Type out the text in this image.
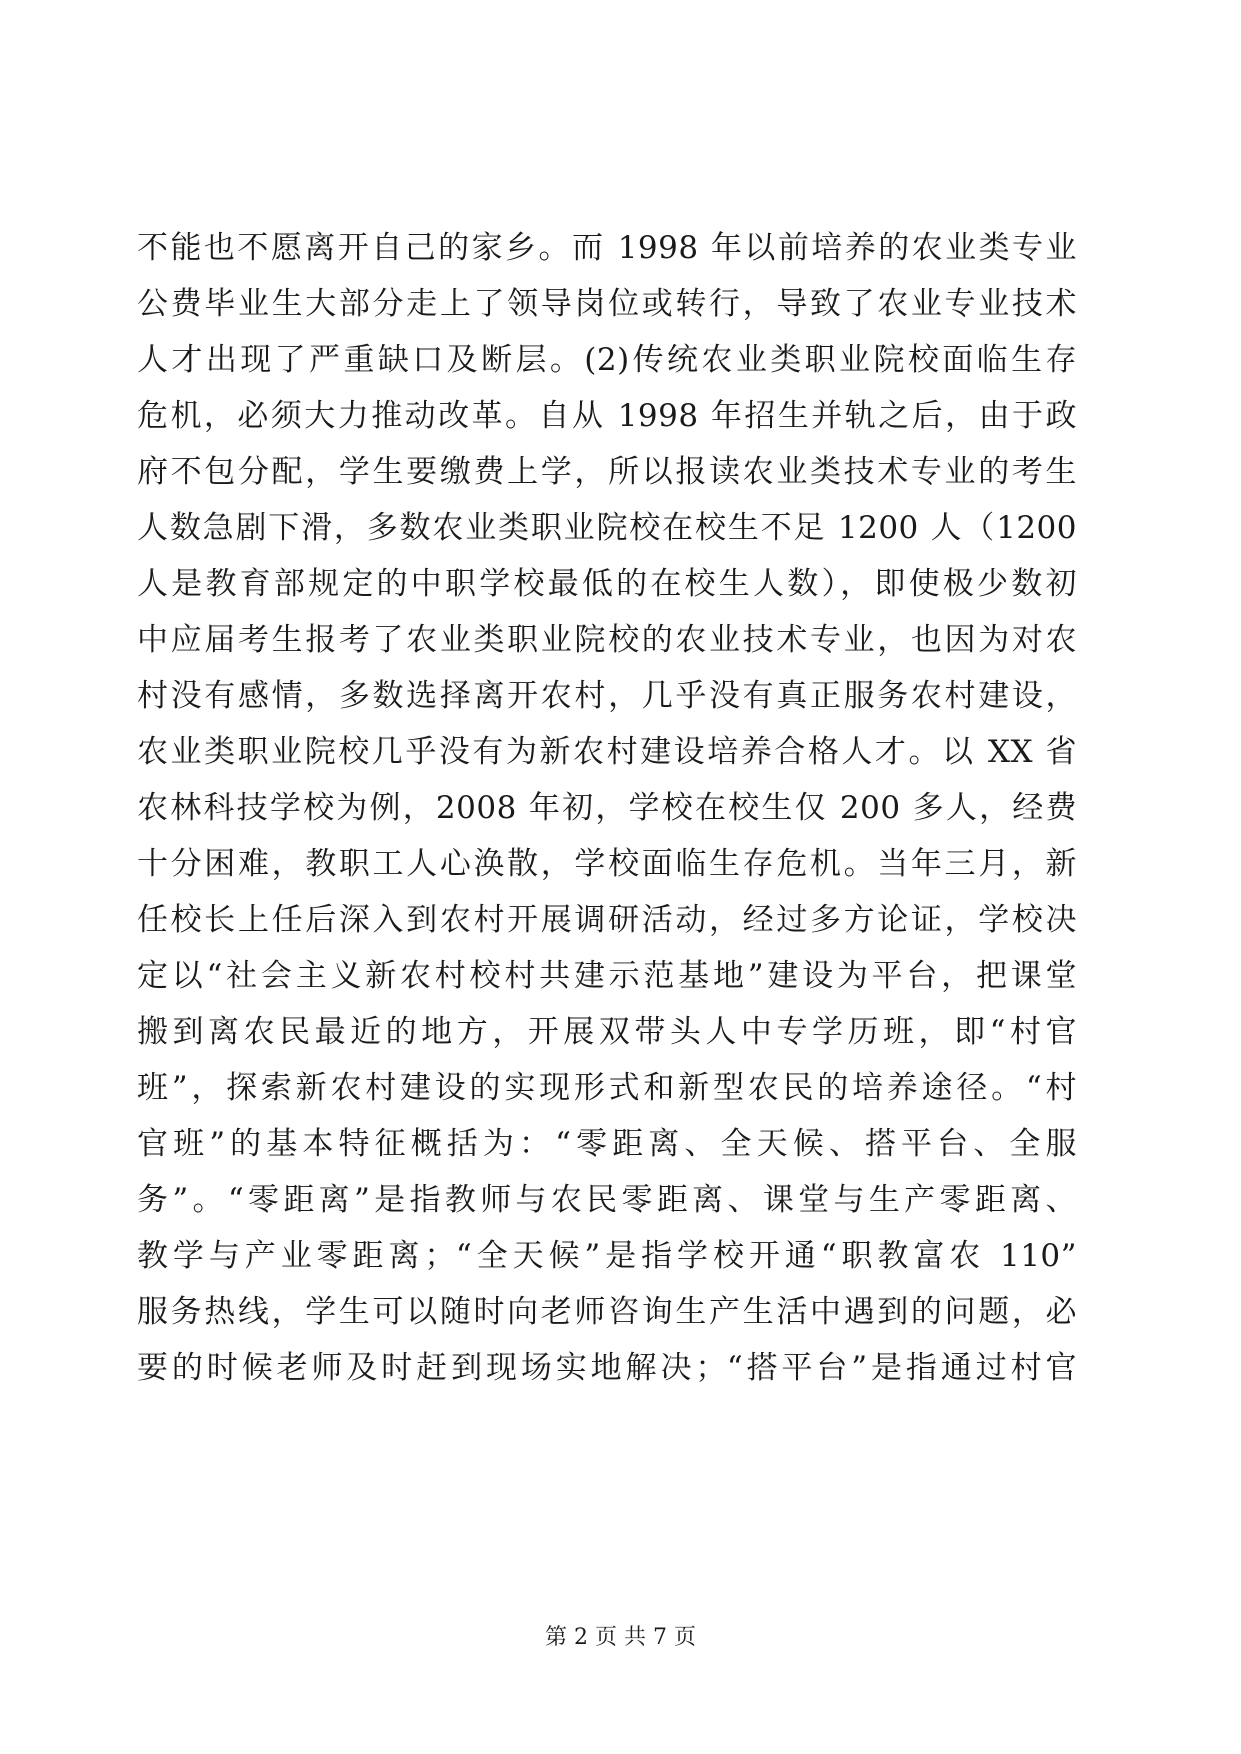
不能也不愿离开自己的家乡。而 1998 年以前培养的农业类专业
公费毕业生大部分走上了领导岗位或转行，导致了农业专业技术
人才出现了严重缺口及断层。(2)传统农业类职业院校面临生存
危机，必须大力推动改革。自从 1998 年招生并轨之后，由于政
府不包分配，学生要缴费上学，所以报读农业类技术专业的考生
人数急剧下滑，多数农业类职业院校在校生不足 1200 人（1200
人是教育部规定的中职学校最低的在校生人数），即使极少数初
中应届考生报考了农业类职业院校的农业技术专业，也因为对农
村没有感情，多数选择离开农村，几乎没有真正服务农村建设，
农业类职业院校几乎没有为新农村建设培养合格人才。以 XX 省
农林科技学校为例，2008 年初，学校在校生仅 200 多人，经费
十分困难，教职工人心涣散，学校面临生存危机。当年三月，新
任校长上任后深入到农村开展调研活动，经过多方论证，学校决
定以“社会主义新农村校村共建示范基地”建设为平台，把课堂
搬到离农民最近的地方，开展双带头人中专学历班，即“村官
班”，探索新农村建设的实现形式和新型农民的培养途径。“村
官班”的基本特征概括为：“零距离、全天候、搭平台、全服
务”。“零距离”是指教师与农民零距离、课堂与生产零距离、
教学与产业零距离；“全天候”是指学校开通“职教富农 110”
服务热线，学生可以随时向老师咨询生产生活中遇到的问题，必
要的时候老师及时赶到现场实地解决；“搭平台”是指通过村官
第 2 页 共 7 页
